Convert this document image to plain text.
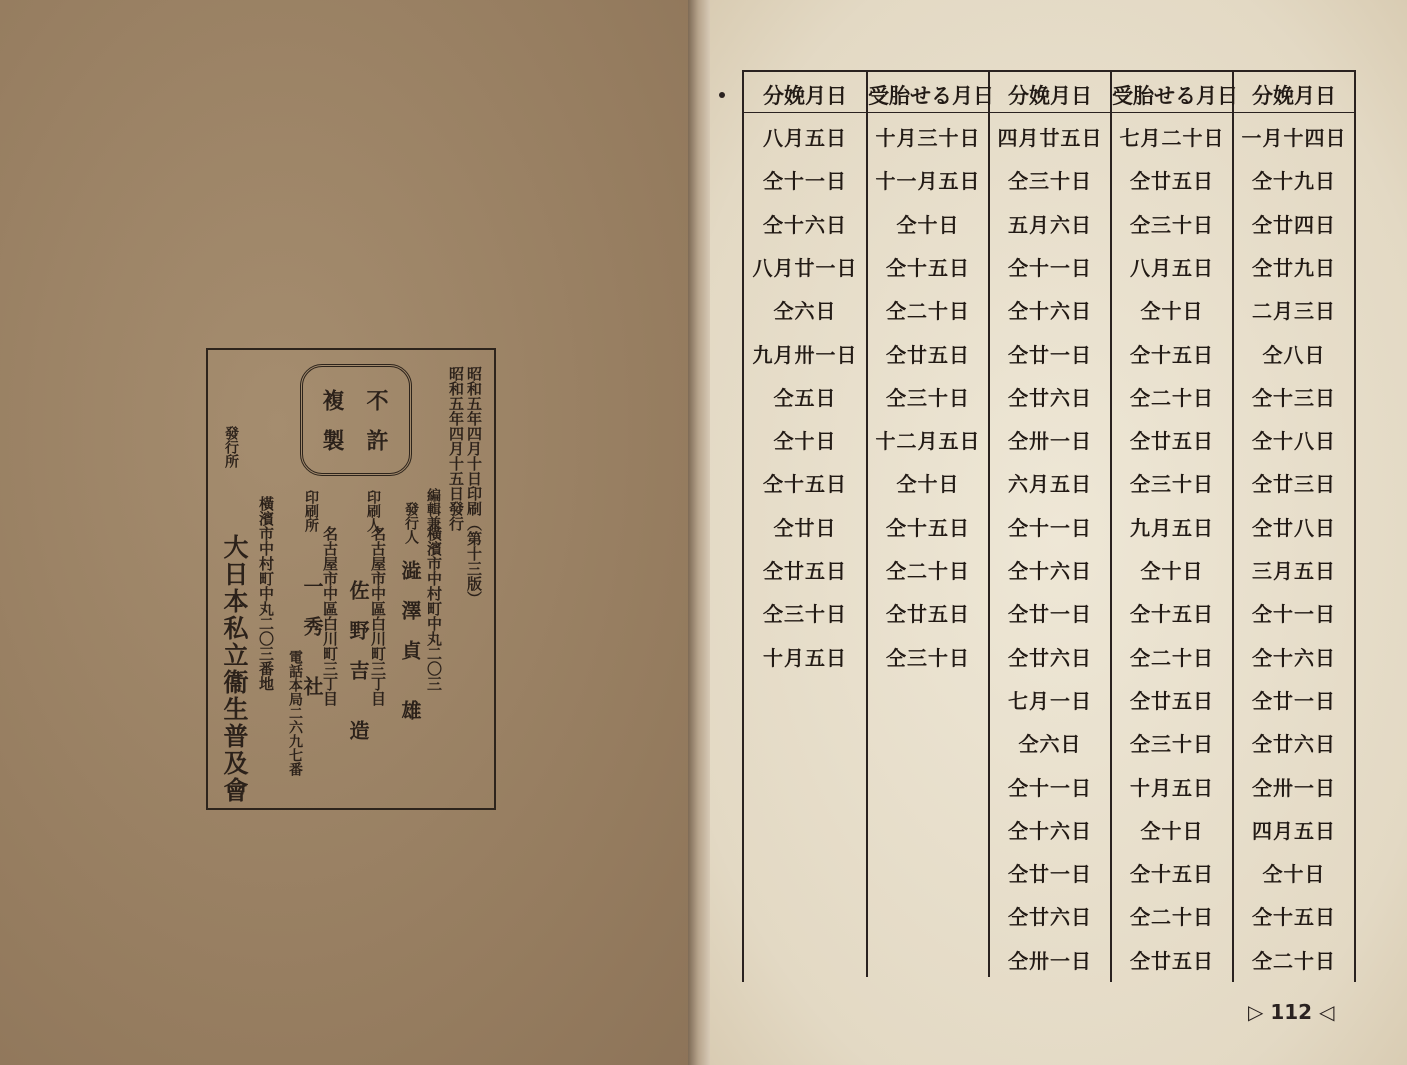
不許
複製	昭和五年四月十日印刷（第十三版）
昭和五年四月十五日發行
編輯兼
橫濱市中村町中丸二〇三
發行人
澁　澤　貞　　雄
印刷人
名古屋市中區白川町三丁目
佐　野　吉　　造
印刷所
名古屋市中區白川町三丁目
一　秀　　社
電話本局二六九七番
發行所
橫濱市中村町中丸二〇三番地
大日本私立衞生普及會
分娩月日
八月五日
仝十一日
仝十六日
八月廿一日
仝六日
九月卅一日
仝五日
仝十日
仝十五日
仝廿日
仝廿五日
仝三十日
十月五日
受胎せる月日
十月三十日
十一月五日
仝十日
仝十五日
仝二十日
仝廿五日
仝三十日
十二月五日
仝十日
仝十五日
仝二十日
仝廿五日
仝三十日
分娩月日
四月廿五日
仝三十日
五月六日
仝十一日
仝十六日
仝廿一日
仝廿六日
仝卅一日
六月五日
仝十一日
仝十六日
仝廿一日
仝廿六日
七月一日
仝六日
仝十一日
仝十六日
仝廿一日
仝廿六日
仝卅一日
受胎せる月日
七月二十日
仝廿五日
仝三十日
八月五日
仝十日
仝十五日
仝二十日
仝廿五日
仝三十日
九月五日
仝十日
仝十五日
仝二十日
仝廿五日
仝三十日
十月五日
仝十日
仝十五日
仝二十日
仝廿五日
分娩月日
一月十四日
仝十九日
仝廿四日
仝廿九日
二月三日
仝八日
仝十三日
仝十八日
仝廿三日
仝廿八日
三月五日
仝十一日
仝十六日
仝廿一日
仝廿六日
仝卅一日
四月五日
仝十日
仝十五日
仝二十日
▷ 112 ◁
